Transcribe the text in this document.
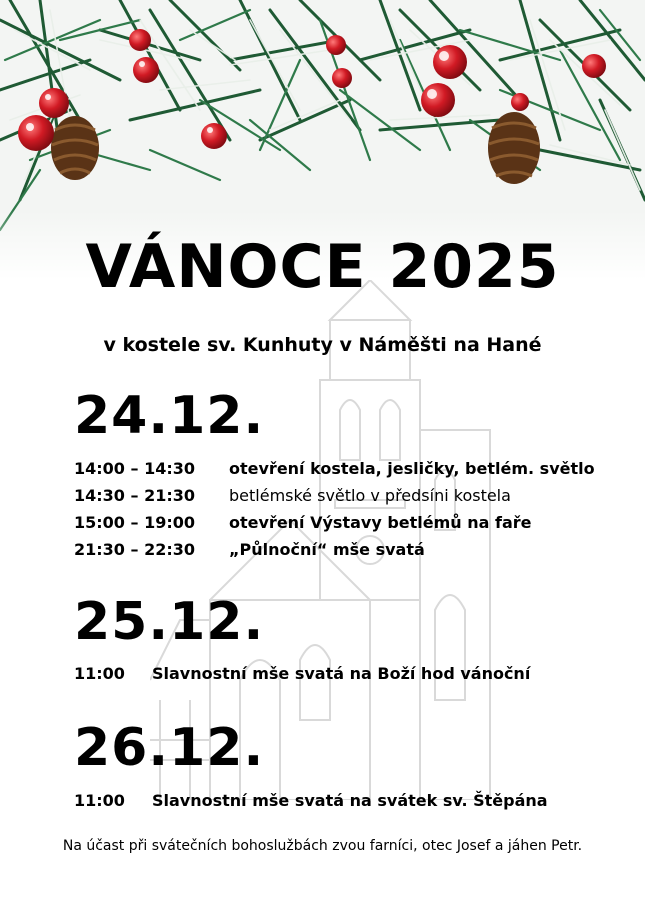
VÁNOCE 2025
v kostele sv. Kunhuty v Náměšti na Hané
24.12.
14:00 – 14:30 otevření kostela, jesličky, betlém. světlo
14:30 – 21:30 betlémské světlo v předsíni kostela
15:00 – 19:00 otevření Výstavy betlémů na faře
21:30 – 22:30 „Půlnoční“ mše svatá
25.12.
11:00 Slavnostní mše svatá na Boží hod vánoční
26.12.
11:00 Slavnostní mše svatá na svátek sv. Štěpána
Na účast při svátečních bohoslužbách zvou farníci, otec Josef a jáhen Petr.
